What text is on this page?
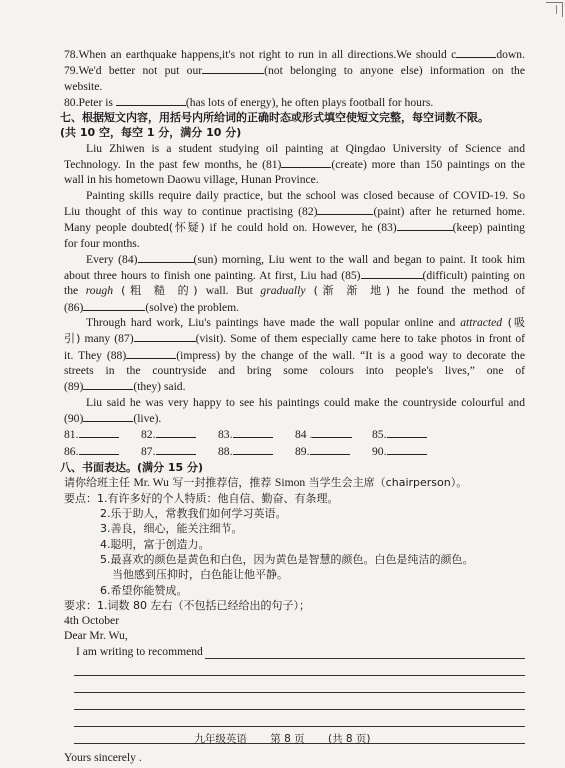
78.When an earthquake happens,it's not right to run in all directions.We should c	down.
79.We'd better not put our	(not belonging to anyone else) information on the
website.
80.Peter is	(has lots of energy), he often plays football for hours.
七、根据短文内容，用括号内所给词的正确时态或形式填空使短文完整，每空词数不限。
(共 10 空，每空 1 分，满分 10 分)
Liu Zhiwen is a student studying oil painting at Qingdao University of Science and
Technology. In the past few months, he (81)	(create) more than 150 paintings on the
wall in his hometown Daowu village, Hunan Province.
Painting skills require daily practice, but the school was closed because of COVID-19. So
Liu thought of this way to continue practising (82)	(paint) after he returned home.
Many people doubted(怀疑) if he could hold on. However, he (83)	(keep) painting
for four months.
Every (84)	(sun) morning, Liu went to the wall and began to paint. It took him
about three hours to finish one painting. At first, Liu had (85)	(difficult) painting on
the rough (粗 糙 的) wall. But gradually (渐 渐 地) he found the method of
(86)	(solve) the problem.
Through hard work, Liu's paintings have made the wall popular online and attracted (吸
引) many (87)	(visit). Some of them especially came here to take photos in front of
it. They (88)	(impress) by the change of the wall. “It is a good way to decorate the
streets in the countryside and bring some colours into people's lives,” one of
(89)	(they) said.
Liu said he was very happy to see his paintings could make the countryside colourful and
(90)	(live).
81.	82.	83.	84 .	85.
86.	87.	88.	89.	90.
八、书面表达。(满分 15 分)
请你给班主任 Mr. Wu 写一封推荐信，推荐 Simon 当学生会主席（chairperson）。
要点：1.有许多好的个人特质：他自信、勤奋、有条理。
2.乐于助人，常教我们如何学习英语。
3.善良，细心，能关注细节。
4.聪明，富于创造力。
5.最喜欢的颜色是黄色和白色，因为黄色是智慧的颜色。白色是纯洁的颜色。
当他感到压抑时，白色能让他平静。
6.希望你能赞成。
要求：1.词数 80 左右（不包括已经给出的句子）；
4th October
Dear Mr. Wu,
I am writing to recommend
Yours sincerely .
九年级英语 第 8 页 (共 8 页)
